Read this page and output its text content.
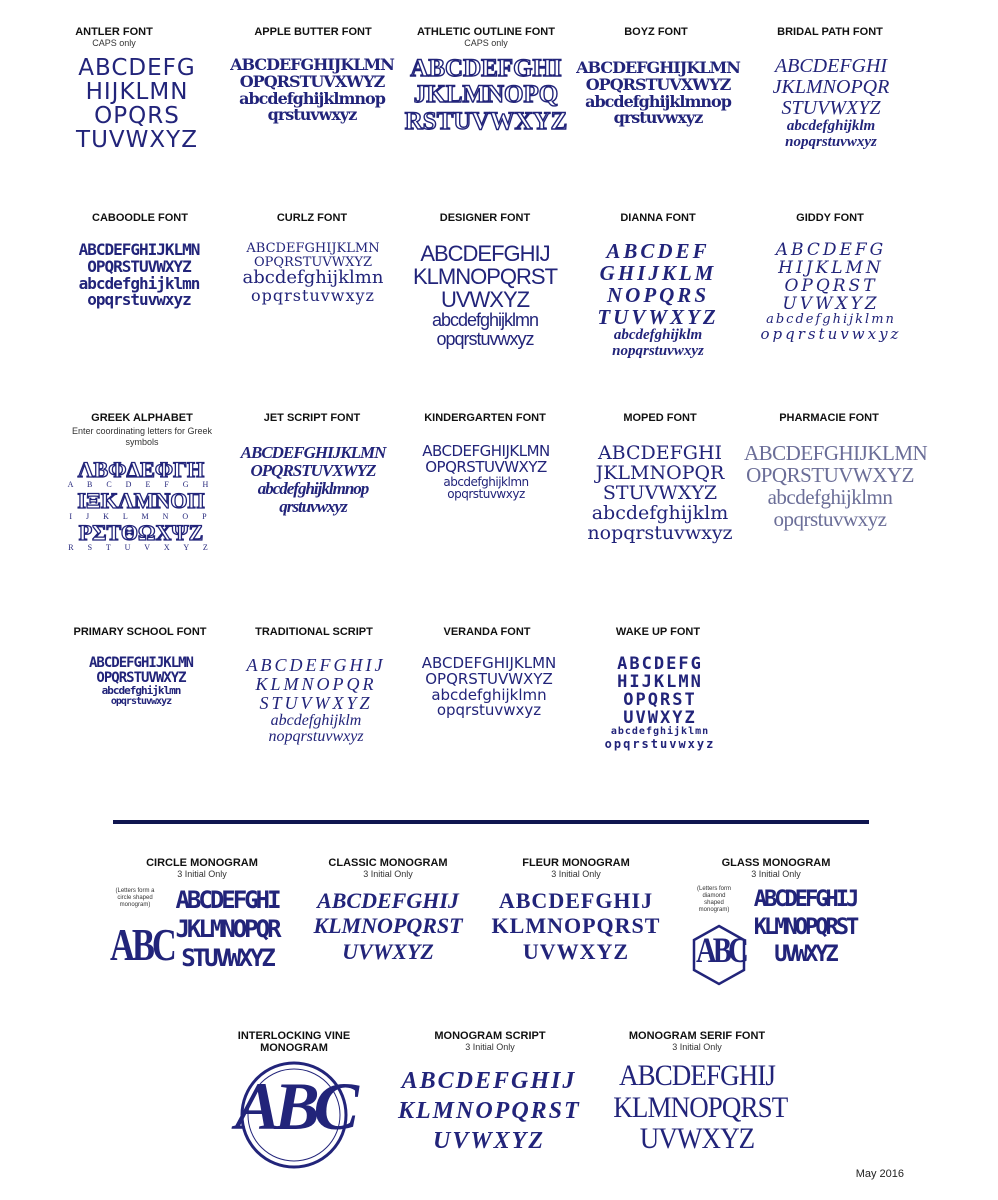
ANTLER FONT
CAPS only
ABCDEFG
HIJKLMN
OPQRS
TUVWXYZ
APPLE BUTTER FONT
ABCDEFGHIJKLMN
OPQRSTUVXWYZ
abcdefghijklmnop
qrstuvwxyz
ATHLETIC OUTLINE FONT
CAPS only
ABCDEFGHI
JKLMNOPQ
RSTUVWXYZ
BOYZ FONT
ABCDEFGHIJKLMN
OPQRSTUVXWYZ
abcdefghijklmnop
qrstuvwxyz
BRIDAL PATH FONT
ABCDEFGHI
JKLMNOPQR
STUVWXYZ
abcdefghijklm
nopqrstuvwxyz
CABOODLE FONT
ABCDEFGHIJKLMN
OPQRSTUVWXYZ
abcdefghijklmn
opqrstuvwxyz
CURLZ FONT
ABCDEFGHIJKLMN
OPQRSTUVWXYZ
abcdefghijklmn
opqrstuvwxyz
DESIGNER FONT
ABCDEFGHIJ
KLMNOPQRST
UVWXYZ
abcdefghijklmn
opqrstuvwxyz
DIANNA FONT
ABCDEF
GHIJKLM
NOPQRS
TUVWXYZ
abcdefghijklm
nopqrstuvwxyz
GIDDY FONT
ABCDEFG
HIJKLMN
OPQRST
UVWXYZ
abcdefghijklmn
opqrstuvwxyz
GREEK ALPHABET
Enter coordinating letters for Greek symbols
ΛΒΦΔΕΦΓΗ
A B C D E F G H
ΙΞΚΛΜΝΟΠ
I J K L M N O P
ΡΣΤΘΩΧΨΖ
R S T U V X Y Z
JET SCRIPT FONT
ABCDEFGHIJKLMN
OPQRSTUVXWYZ
abcdefghijklmnop
qrstuvwxyz
KINDERGARTEN FONT
ABCDEFGHIJKLMN
OPQRSTUVWXYZ
abcdefghijklmn
opqrstuvwxyz
MOPED FONT
ABCDEFGHI
JKLMNOPQR
STUVWXYZ
abcdefghijklm
nopqrstuvwxyz
PHARMACIE FONT
ABCDEFGHIJKLMN
OPQRSTUVWXYZ
abcdefghijklmn
opqrstuvwxyz
PRIMARY SCHOOL FONT
ABCDEFGHIJKLMN
OPQRSTUVWXYZ
abcdefghijklmn
opqrstuvwxyz
TRADITIONAL SCRIPT
ABCDEFGHIJ
KLMNOPQR
STUVWXYZ
abcdefghijklm
nopqrstuvwxyz
VERANDA FONT
ABCDEFGHIJKLMN
OPQRSTUVWXYZ
abcdefghijklmn
opqrstuvwxyz
WAKE UP FONT
ABCDEFG
HIJKLMN
OPQRST
UVWXYZ
abcdefghijklmn
opqrstuvwxyz
CIRCLE MONOGRAM
3 Initial Only
(Letters form a circle shaped monogram)
ABC
ABCDEFGHI
JKLMNOPQR
STUVWXYZ
CLASSIC MONOGRAM
3 Initial Only
ABCDEFGHIJ
KLMNOPQRST
UVWXYZ
FLEUR MONOGRAM
3 Initial Only
ABCDEFGHIJ
KLMNOPQRST
UVWXYZ
GLASS MONOGRAM
3 Initial Only
(Letters form diamond shaped monogram)
ABC
ABCDEFGHIJ
KLMNOPQRST
UVWXYZ
INTERLOCKING VINE MONOGRAM
ABC
MONOGRAM SCRIPT
3 Initial Only
ABCDEFGHIJ
KLMNOPQRST
UVWXYZ
MONOGRAM SERIF FONT
3 Initial Only
ABCDEFGHIJ
KLMNOPQRST
UVWXYZ
May 2016
